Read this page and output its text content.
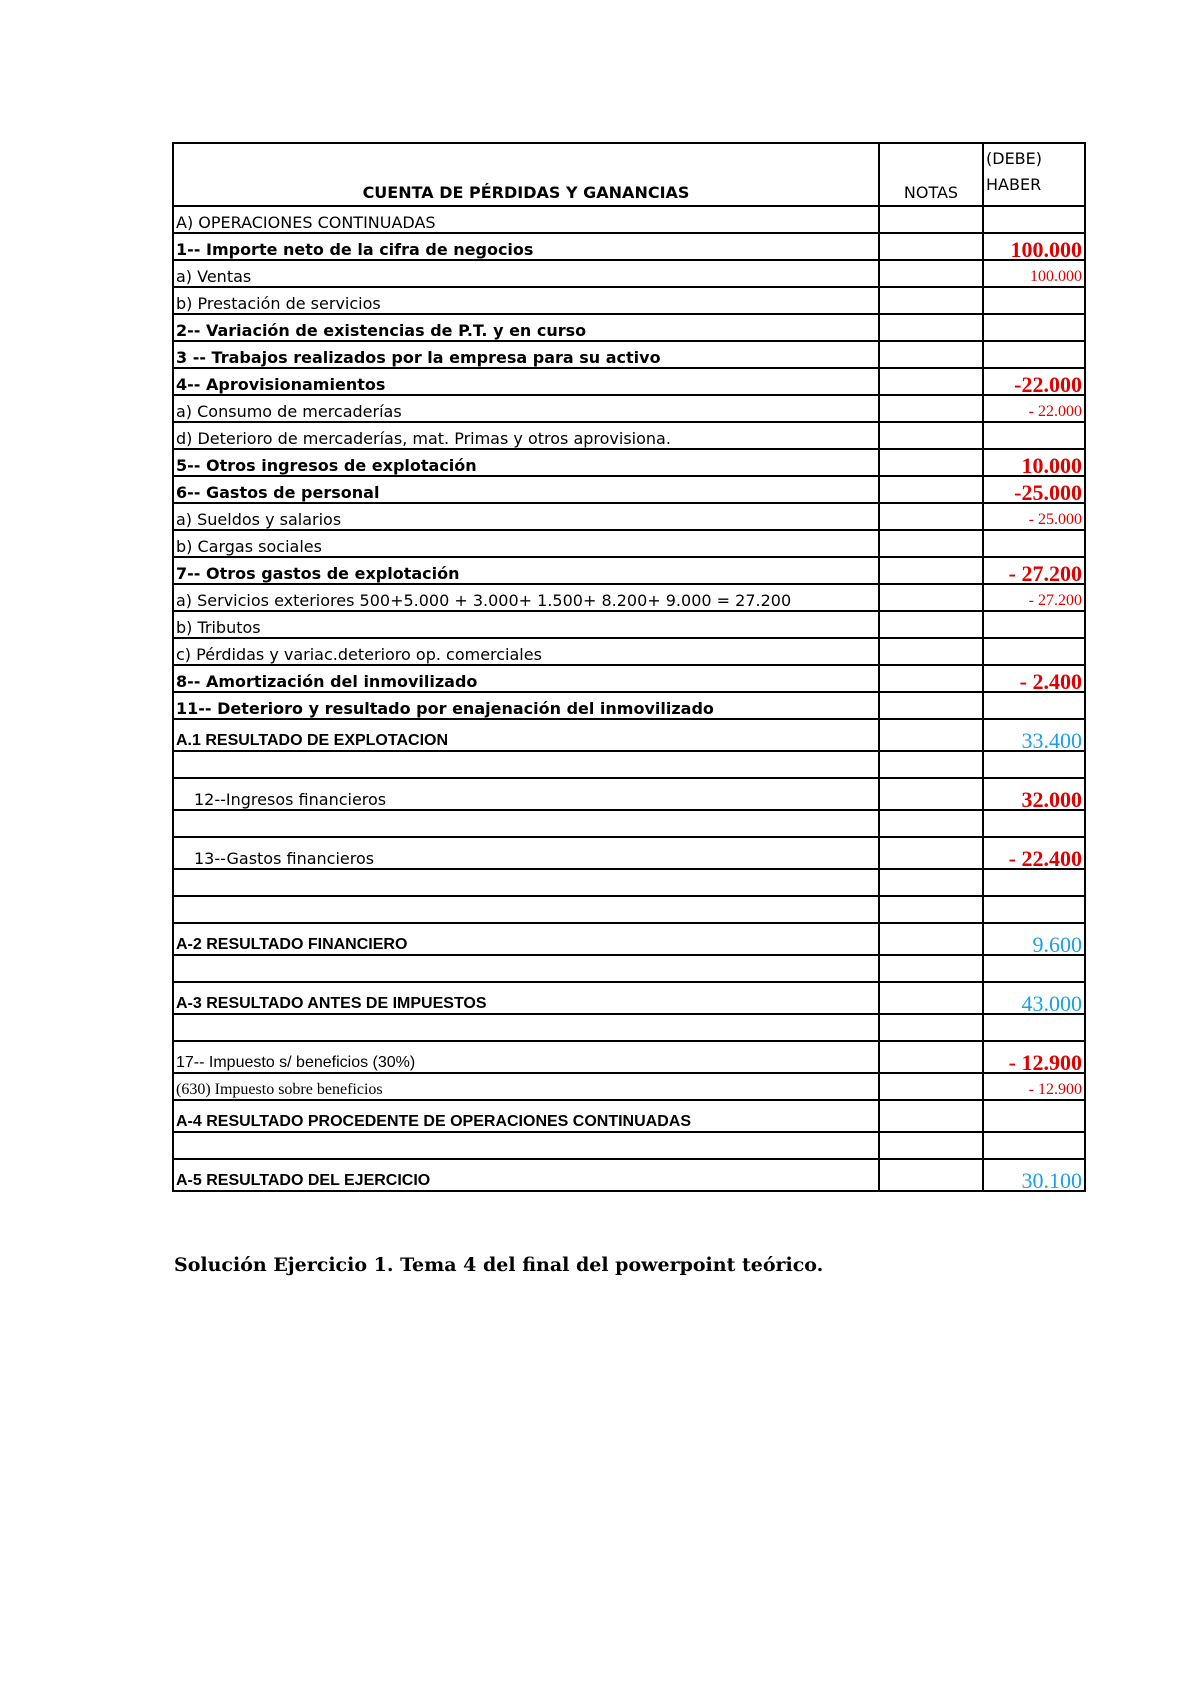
CUENTA DE PÉRDIDAS Y GANANCIAS	NOTAS	(DEBE)
HABER
A) OPERACIONES CONTINUADAS		
1-- Importe neto de la cifra de negocios		100.000
a) Ventas		100.000
b) Prestación de servicios		
2-- Variación de existencias de P.T. y en curso		
3 -- Trabajos realizados por la empresa para su activo		
4-- Aprovisionamientos		-22.000
a) Consumo de mercaderías		- 22.000
d) Deterioro de mercaderías, mat. Primas y otros aprovisiona.		
5-- Otros ingresos de explotación		10.000
6-- Gastos de personal		-25.000
a) Sueldos y salarios		- 25.000
b) Cargas sociales		
7-- Otros gastos de explotación		- 27.200
a) Servicios exteriores 500+5.000 + 3.000+ 1.500+ 8.200+ 9.000 = 27.200		- 27.200
b) Tributos		
c) Pérdidas y variac.deterioro op. comerciales		
8-- Amortización del inmovilizado		- 2.400
11-- Deterioro y resultado por enajenación del inmovilizado		
A.1 RESULTADO DE EXPLOTACION		33.400

12--Ingresos financieros		32.000

13--Gastos financieros		- 22.400

A-2 RESULTADO FINANCIERO		9.600

A-3 RESULTADO ANTES DE IMPUESTOS		43.000

17-- Impuesto s/ beneficios (30%)		- 12.900
(630) Impuesto sobre beneficios		- 12.900
A-4 RESULTADO PROCEDENTE DE OPERACIONES CONTINUADAS		

A-5 RESULTADO DEL EJERCICIO		30.100
Solución Ejercicio 1. Tema 4 del final del powerpoint teórico.
